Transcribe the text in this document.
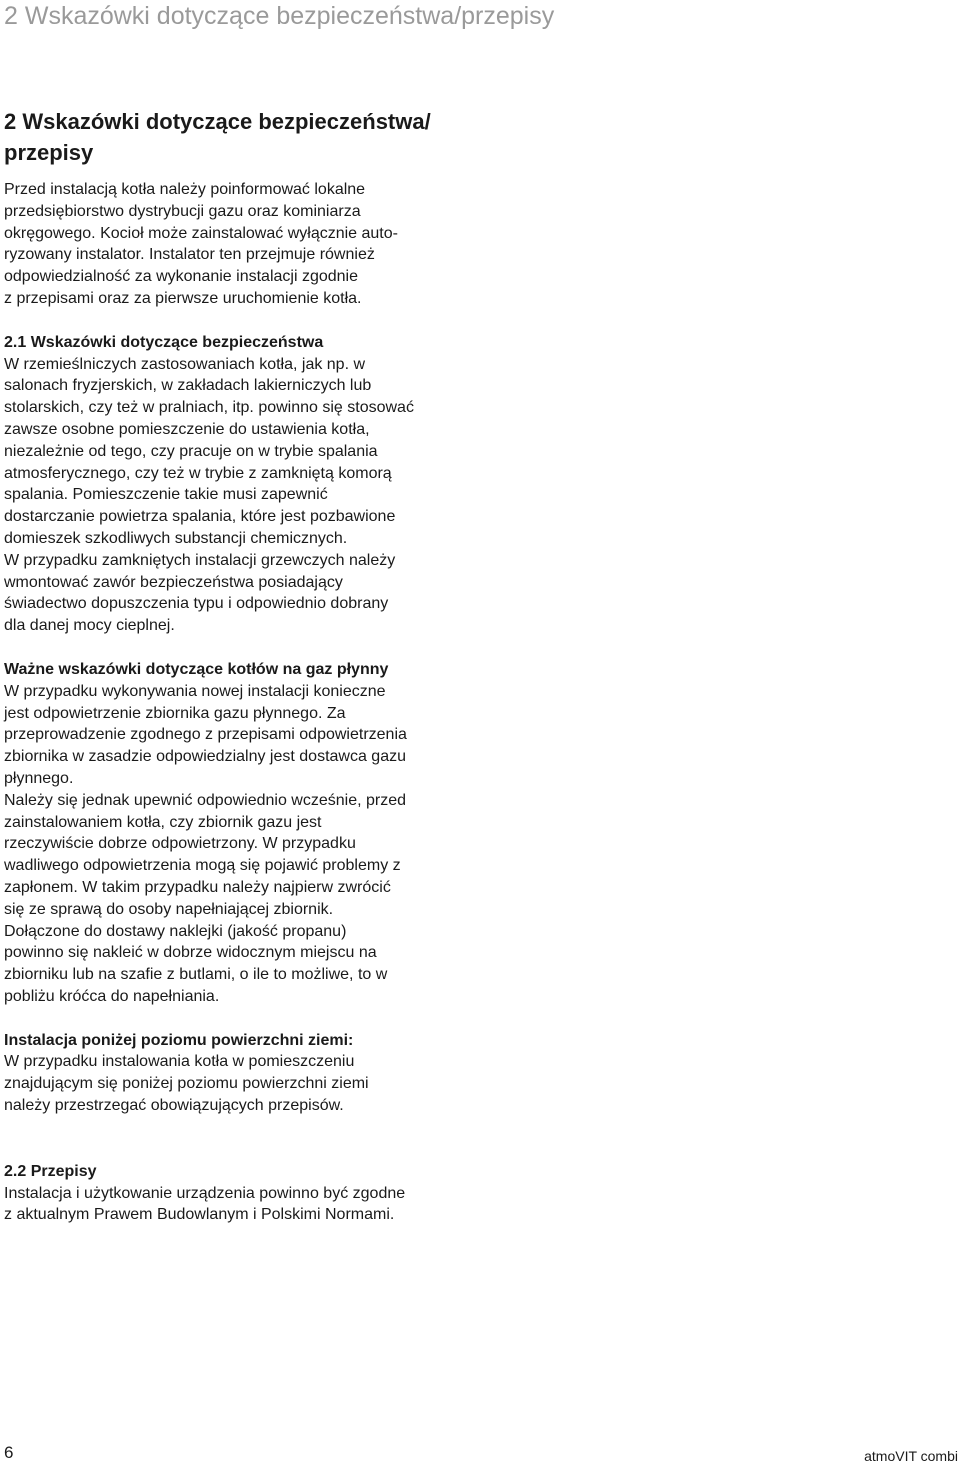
2 Wskazówki dotyczące bezpieczeństwa/przepisy
2 Wskazówki dotyczące bezpieczeństwa/
przepisy

Przed instalacją kotła należy poinformować lokalne
przedsiębiorstwo dystrybucji gazu oraz kominiarza
okręgowego. Kocioł może zainstalować wyłącznie auto-
ryzowany instalator. Instalator ten przejmuje również
odpowiedzialność za wykonanie instalacji zgodnie
z przepisami oraz za pierwsze uruchomienie kotła.

2.1 Wskazówki dotyczące bezpieczeństwa

W rzemieślniczych zastosowaniach kotła, jak np. w
salonach fryzjerskich, w zakładach lakierniczych lub
stolarskich, czy też w pralniach, itp. powinno się stosować
zawsze osobne pomieszczenie do ustawienia kotła,
niezależnie od tego, czy pracuje on w trybie spalania
atmosferycznego, czy też w trybie z zamkniętą komorą
spalania. Pomieszczenie takie musi zapewnić
dostarczanie powietrza spalania, które jest pozbawione
domieszek szkodliwych substancji chemicznych.
W przypadku zamkniętych instalacji grzewczych należy
wmontować zawór bezpieczeństwa posiadający
świadectwo dopuszczenia typu i odpowiednio dobrany
dla danej mocy cieplnej.

Ważne wskazówki dotyczące kotłów na gaz płynny

W przypadku wykonywania nowej instalacji konieczne
jest odpowietrzenie zbiornika gazu płynnego. Za
przeprowadzenie zgodnego z przepisami odpowietrzenia
zbiornika w zasadzie odpowiedzialny jest dostawca gazu
płynnego.
Należy się jednak upewnić odpowiednio wcześnie, przed
zainstalowaniem kotła, czy zbiornik gazu jest
rzeczywiście dobrze odpowietrzony. W przypadku
wadliwego odpowietrzenia mogą się pojawić problemy z
zapłonem. W takim przypadku należy najpierw zwrócić
się ze sprawą do osoby napełniającej zbiornik.
Dołączone do dostawy naklejki (jakość propanu)
powinno się nakleić w dobrze widocznym miejscu na
zbiorniku lub na szafie z butlami, o ile to możliwe, to w
pobliżu króćca do napełniania.

Instalacja poniżej poziomu powierzchni ziemi:

W przypadku instalowania kotła w pomieszczeniu
znajdującym się poniżej poziomu powierzchni ziemi
należy przestrzegać obowiązujących przepisów.

2.2 Przepisy

Instalacja i użytkowanie urządzenia powinno być zgodne
z aktualnym Prawem Budowlanym i Polskimi Normami.

6	atmoVIT combi
